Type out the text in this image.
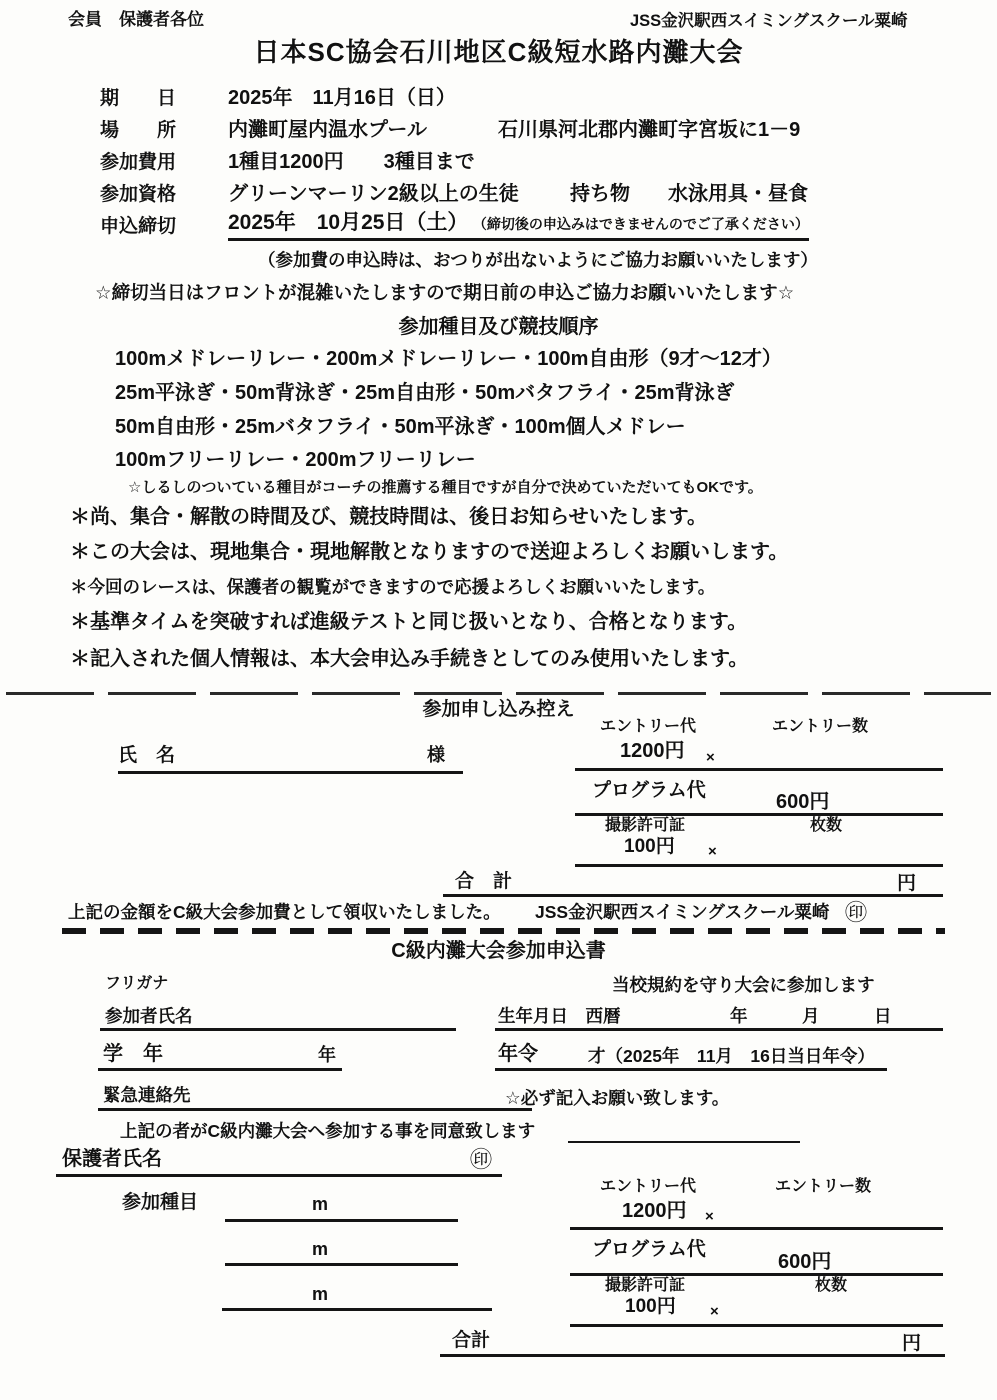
会員　保護者各位	JSS金沢駅西スイミングスクール粟崎
日本SC協会石川地区C級短水路内灘大会
期　　日	2025年　11月16日（日）
場　　所	内灘町屋内温水プール	石川県河北郡内灘町字宮坂に1－9
参加費用	1種目1200円　　3種目まで
参加資格	グリーンマーリン2級以上の生徒	持ち物 水泳用具・昼食
申込締切 2025年　10月25日（土） （締切後の申込みはできませんのでご了承ください）
（参加費の申込時は、おつりが出ないようにご協力お願いいたします）
☆締切当日はフロントが混雑いたしますので期日前の申込ご協力お願いいたします☆
参加種目及び競技順序
100mメドレーリレー・200mメドレーリレー・100m自由形（9才～12才）
25m平泳ぎ・50m背泳ぎ・25m自由形・50mバタフライ・25m背泳ぎ
50m自由形・25mバタフライ・50m平泳ぎ・100m個人メドレー
100mフリーリレー・200mフリーリレー
☆しるしのついている種目がコーチの推薦する種目ですが自分で決めていただいてもOKです。
＊尚、集合・解散の時間及び、競技時間は、後日お知らせいたします。
＊この大会は、現地集合・現地解散となりますので送迎よろしくお願いします。
＊今回のレースは、保護者の観覧ができますので応援よろしくお願いいたします。
＊基準タイムを突破すれば進級テストと同じ扱いとなり、合格となります。
＊記入された個人情報は、本大会申込み手続きとしてのみ使用いたします。
参加申し込み控え
氏　名	様
エントリー代	エントリー数
1200円 ×
プログラム代
600円
撮影許可証	枚数
100円 ×
合　計	円
上記の金額をC級大会参加費として領収いたしました。 JSS金沢駅西スイミングスクール粟崎 ㊞
C級内灘大会参加申込書
フリガナ	当校規約を守り大会に参加します
参加者氏名	生年月日　西暦	年	月	日
学　年	年	年令	才（2025年　11月　16日当日年令）
緊急連絡先	☆必ず記入お願い致します。
上記の者がC級内灘大会へ参加する事を同意致します
保護者氏名	㊞
参加種目	m
m
m
エントリー代	エントリー数
1200円 ×
プログラム代
600円
撮影許可証	枚数
100円 ×
合計	円
